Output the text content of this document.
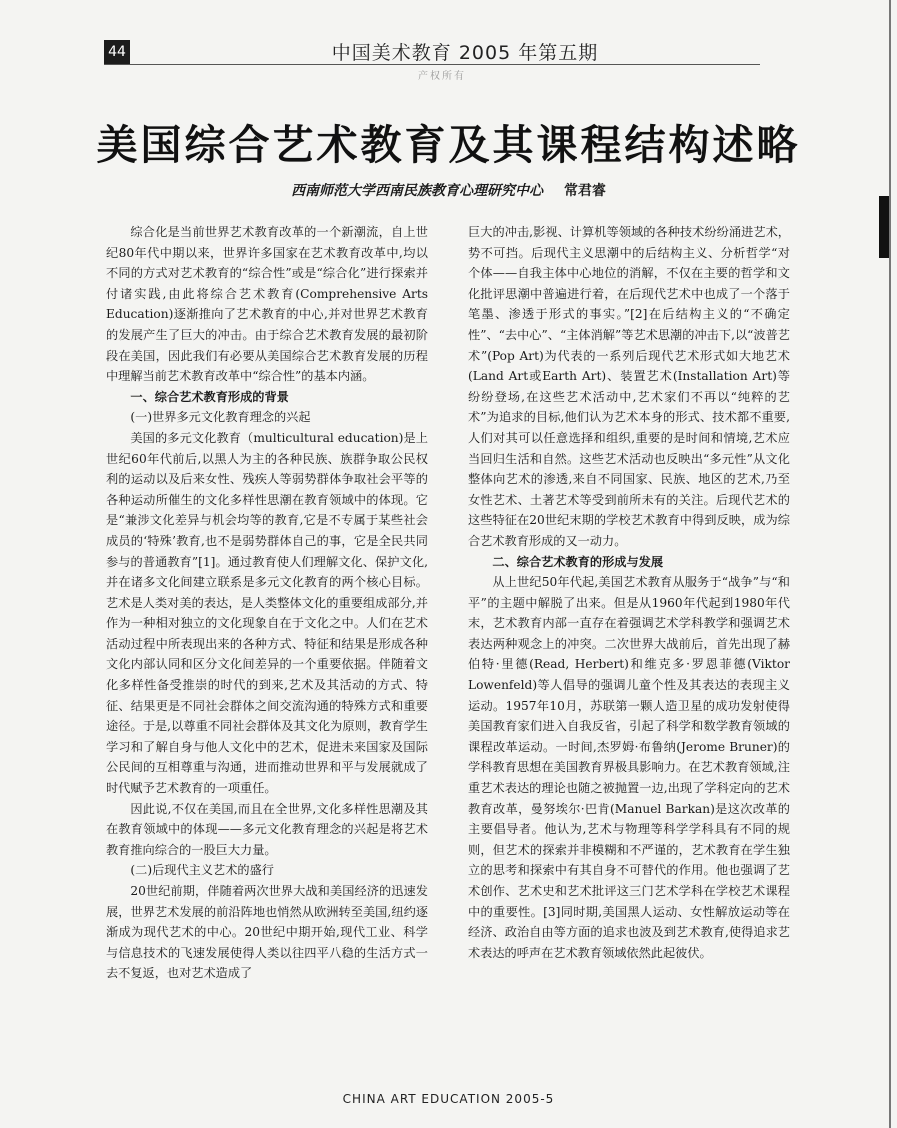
44	中国美术教育 2005 年第五期
产权所有
美国综合艺术教育及其课程结构述略
西南师范大学西南民族教育心理研究中心 常君睿

综合化是当前世界艺术教育改革的一个新潮流，自上世纪80年代中期以来，世界许多国家在艺术教育改革中,均以不同的方式对艺术教育的“综合性”或是“综合化”进行探索并付诸实践,由此将综合艺术教育(Comprehensive Arts Education)逐渐推向了艺术教育的中心,并对世界艺术教育的发展产生了巨大的冲击。由于综合艺术教育发展的最初阶段在美国，因此我们有必要从美国综合艺术教育发展的历程中理解当前艺术教育改革中“综合性”的基本内涵。

一、综合艺术教育形成的背景
(一)世界多元文化教育理念的兴起

美国的多元文化教育（multicultural education)是上世纪60年代前后,以黑人为主的各种民族、族群争取公民权利的运动以及后来女性、残疾人等弱势群体争取社会平等的各种运动所催生的文化多样性思潮在教育领域中的体现。它是“兼涉文化差异与机会均等的教育,它是不专属于某些社会成员的‘特殊’教育,也不是弱势群体自己的事，它是全民共同参与的普通教育”[1]。通过教育使人们理解文化、保护文化,并在诸多文化间建立联系是多元文化教育的两个核心目标。艺术是人类对美的表达，是人类整体文化的重要组成部分,并作为一种相对独立的文化现象自在于文化之中。人们在艺术活动过程中所表现出来的各种方式、特征和结果是形成各种文化内部认同和区分文化间差异的一个重要依据。伴随着文化多样性备受推崇的时代的到来,艺术及其活动的方式、特征、结果更是不同社会群体之间交流沟通的特殊方式和重要途径。于是,以尊重不同社会群体及其文化为原则，教育学生学习和了解自身与他人文化中的艺术，促进未来国家及国际公民间的互相尊重与沟通，进而推动世界和平与发展就成了时代赋予艺术教育的一项重任。

因此说,不仅在美国,而且在全世界,文化多样性思潮及其在教育领域中的体现——多元文化教育理念的兴起是将艺术教育推向综合的一股巨大力量。

(二)后现代主义艺术的盛行

20世纪前期，伴随着两次世界大战和美国经济的迅速发展，世界艺术发展的前沿阵地也悄然从欧洲转至美国,纽约逐渐成为现代艺术的中心。20世纪中期开始,现代工业、科学与信息技术的飞速发展使得人类以往四平八稳的生活方式一去不复返，也对艺术造成了

巨大的冲击,影视、计算机等领域的各种技术纷纷涌进艺术，势不可挡。后现代主义思潮中的后结构主义、分析哲学“对个体——自我主体中心地位的消解，不仅在主要的哲学和文化批评思潮中普遍进行着，在后现代艺术中也成了一个落于笔墨、渗透于形式的事实。”[2]在后结构主义的“不确定性”、“去中心”、“主体消解”等艺术思潮的冲击下,以“波普艺术”(Pop Art)为代表的一系列后现代艺术形式如大地艺术(Land Art或Earth Art)、装置艺术(Installation Art)等纷纷登场,在这些艺术活动中,艺术家们不再以“纯粹的艺术”为追求的目标,他们认为艺术本身的形式、技术都不重要,人们对其可以任意选择和组织,重要的是时间和情境,艺术应当回归生活和自然。这些艺术活动也反映出“多元性”从文化整体向艺术的渗透,来自不同国家、民族、地区的艺术,乃至女性艺术、土著艺术等受到前所未有的关注。后现代艺术的这些特征在20世纪末期的学校艺术教育中得到反映，成为综合艺术教育形成的又一动力。

二、综合艺术教育的形成与发展

从上世纪50年代起,美国艺术教育从服务于“战争”与“和平”的主题中解脱了出来。但是从1960年代起到1980年代末，艺术教育内部一直存在着强调艺术学科教学和强调艺术表达两种观念上的冲突。二次世界大战前后，首先出现了赫伯特·里德(Read, Herbert)和维克多·罗恩菲德(Viktor Lowenfeld)等人倡导的强调儿童个性及其表达的表现主义运动。1957年10月，苏联第一颗人造卫星的成功发射使得美国教育家们进入自我反省，引起了科学和数学教育领域的课程改革运动。一时间,杰罗姆·布鲁纳(Jerome Bruner)的学科教育思想在美国教育界极具影响力。在艺术教育领域,注重艺术表达的理论也随之被抛置一边,出现了学科定向的艺术教育改革，曼努埃尔·巴肯(Manuel Barkan)是这次改革的主要倡导者。他认为,艺术与物理等科学学科具有不同的规则，但艺术的探索并非模糊和不严谨的，艺术教育在学生独立的思考和探索中有其自身不可替代的作用。他也强调了艺术创作、艺术史和艺术批评这三门艺术学科在学校艺术课程中的重要性。[3]同时期,美国黑人运动、女性解放运动等在经济、政治自由等方面的追求也波及到艺术教育,使得追求艺术表达的呼声在艺术教育领域依然此起彼伏。

CHINA ART EDUCATION 2005-5
